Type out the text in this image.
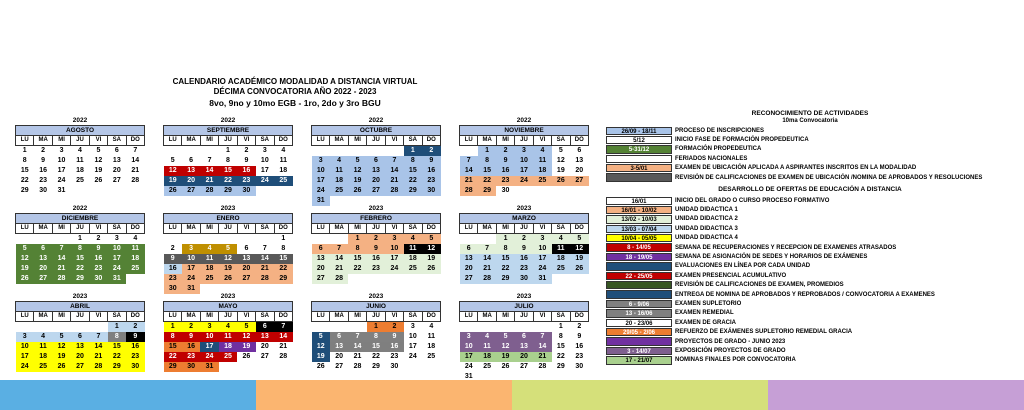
CALENDARIO ACADÉMICO MODALIDAD A DISTANCIA VIRTUAL
DÉCIMA CONVOCATORIA AÑO 2022 - 2023
8vo, 9no y 10mo EGB - 1ro, 2do y 3ro BGU
2022
AGOSTO						
LU	MA	MI	JU	VI	SA	DO
1	2	3	4	5	6	7
8	9	10	11	12	13	14
15	16	17	18	19	20	21
22	23	24	25	26	27	28
29	30	31				
2022
SEPTIEMBRE						
LU	MA	MI	JU	VI	SA	DO
			1	2	3	4
5	6	7	8	9	10	11
12	13	14	15	16	17	18
19	20	21	22	23	24	25
26	27	28	29	30		
2022
OCTUBRE						
LU	MA	MI	JU	VI	SA	DO
					1	2
3	4	5	6	7	8	9
10	11	12	13	14	15	16
17	18	19	20	21	22	23
24	25	26	27	28	29	30
31						
2022
NOVIEMBRE						
LU	MA	MI	JU	VI	SA	DO
	1	2	3	4	5	6
7	8	9	10	11	12	13
14	15	16	17	18	19	20
21	22	23	24	25	26	27
28	29	30				
2022
DICIEMBRE						
LU	MA	MI	JU	VI	SA	DO
			1	2	3	4
5	6	7	8	9	10	11
12	13	14	15	16	17	18
19	20	21	22	23	24	25
26	27	28	29	30	31	
2023
ENERO						
LU	MA	MI	JU	VI	SA	DO
						1
2	3	4	5	6	7	8
9	10	11	12	13	14	15
16	17	18	19	20	21	22
23	24	25	26	27	28	29
30	31					
2023
FEBRERO						
LU	MA	MI	JU	VI	SA	DO
		1	2	3	4	5
6	7	8	9	10	11	12
13	14	15	16	17	18	19
20	21	22	23	24	25	26
27	28					
2023
MARZO						
LU	MA	MI	JU	VI	SA	DO
		1	2	3	4	5
6	7	8	9	10	11	12
13	14	15	16	17	18	19
20	21	22	23	24	25	26
27	28	29	30	31		
2023
ABRIL						
LU	MA	MI	JU	VI	SA	DO
					1	2
3	4	5	6	7	8	9
10	11	12	13	14	15	16
17	18	19	20	21	22	23
24	25	26	27	28	29	30
2023
MAYO						
LU	MA	MI	JU	VI	SA	DO
1	2	3	4	5	6	7
8	9	10	11	12	13	14
15	16	17	18	19	20	21
22	23	24	25	26	27	28
29	30	31				
2023
JUNIO						
LU	MA	MI	JU	VI	SA	DO
			1	2	3	4
5	6	7	8	9	10	11
12	13	14	15	16	17	18
19	20	21	22	23	24	25
26	27	28	29	30		
2023
JULIO						
LU	MA	MI	JU	VI	SA	DO
					1	2
3	4	5	6	7	8	9
10	11	12	13	14	15	16
17	18	19	20	21	22	23
24	25	26	27	28	29	30
31						
RECONOCIMIENTO DE ACTIVIDADES
10ma Convocatoria
26/09 - 18/11	PROCESO DE INSCRIPCIONES
5/12	INICIO FASE DE FORMACIÓN PROPEDEUTICA
5-31/12	FORMACIÓN PROPEDEUTICA
FERIADOS NACIONALES
3-5/01	EXAMEN DE UBICACIÓN APLICADA A ASPIRANTES INSCRITOS EN LA MODALIDAD
REVISIÓN DE CALIFICACIONES DE EXAMEN DE UBICACIÓN /NOMINA DE APROBADOS Y RESOLUCIONES
DESARROLLO DE OFERTAS DE EDUCACIÓN A DISTANCIA
16/01	INICIO DEL GRADO O CURSO PROCESO FORMATIVO
16/01 - 10/02	UNIDAD DIDACTICA 1
13/02 - 10/03	UNIDAD DIDACTICA 2
13/03 - 07/04	UNIDAD DIDACTICA 3
10/04 - 05/05	UNIDAD DIDACTICA 4
8 - 14/05	SEMANA DE RECUPERACIONES Y RECEPCION DE EXAMENES ATRASADOS
18 - 19/05	SEMANA DE ASIGNACIÓN DE SEDES Y HORARIOS DE EXÁMENES
EVALUACIONES EN LÍNEA POR CADA UNIDAD
22 - 25/05	EXAMEN PRESENCIAL ACUMULATIVO
REVISIÓN DE CALIFICACIONES DE EXAMEN, PROMEDIOS
ENTREGA DE NOMINA DE APROBADOS Y REPROBADOS / CONVOCATORIA A EXAMENES
6 - 9/06	EXAMEN SUPLETORIO
13 - 16/06	EXAMEN REMEDIAL
20 - 23/06	EXAMEN DE GRACIA
29/05 - 2/06	REFUERZO DE EXÁMENES SUPLETORIO REMEDIAL GRACIA
PROYECTOS DE GRADO - JUNIO 2023
3 - 14/07	EXPOSICIÓN PROYECTOS DE GRADO
17 - 21/07	NOMINAS FINALES POR CONVOCATORIA
